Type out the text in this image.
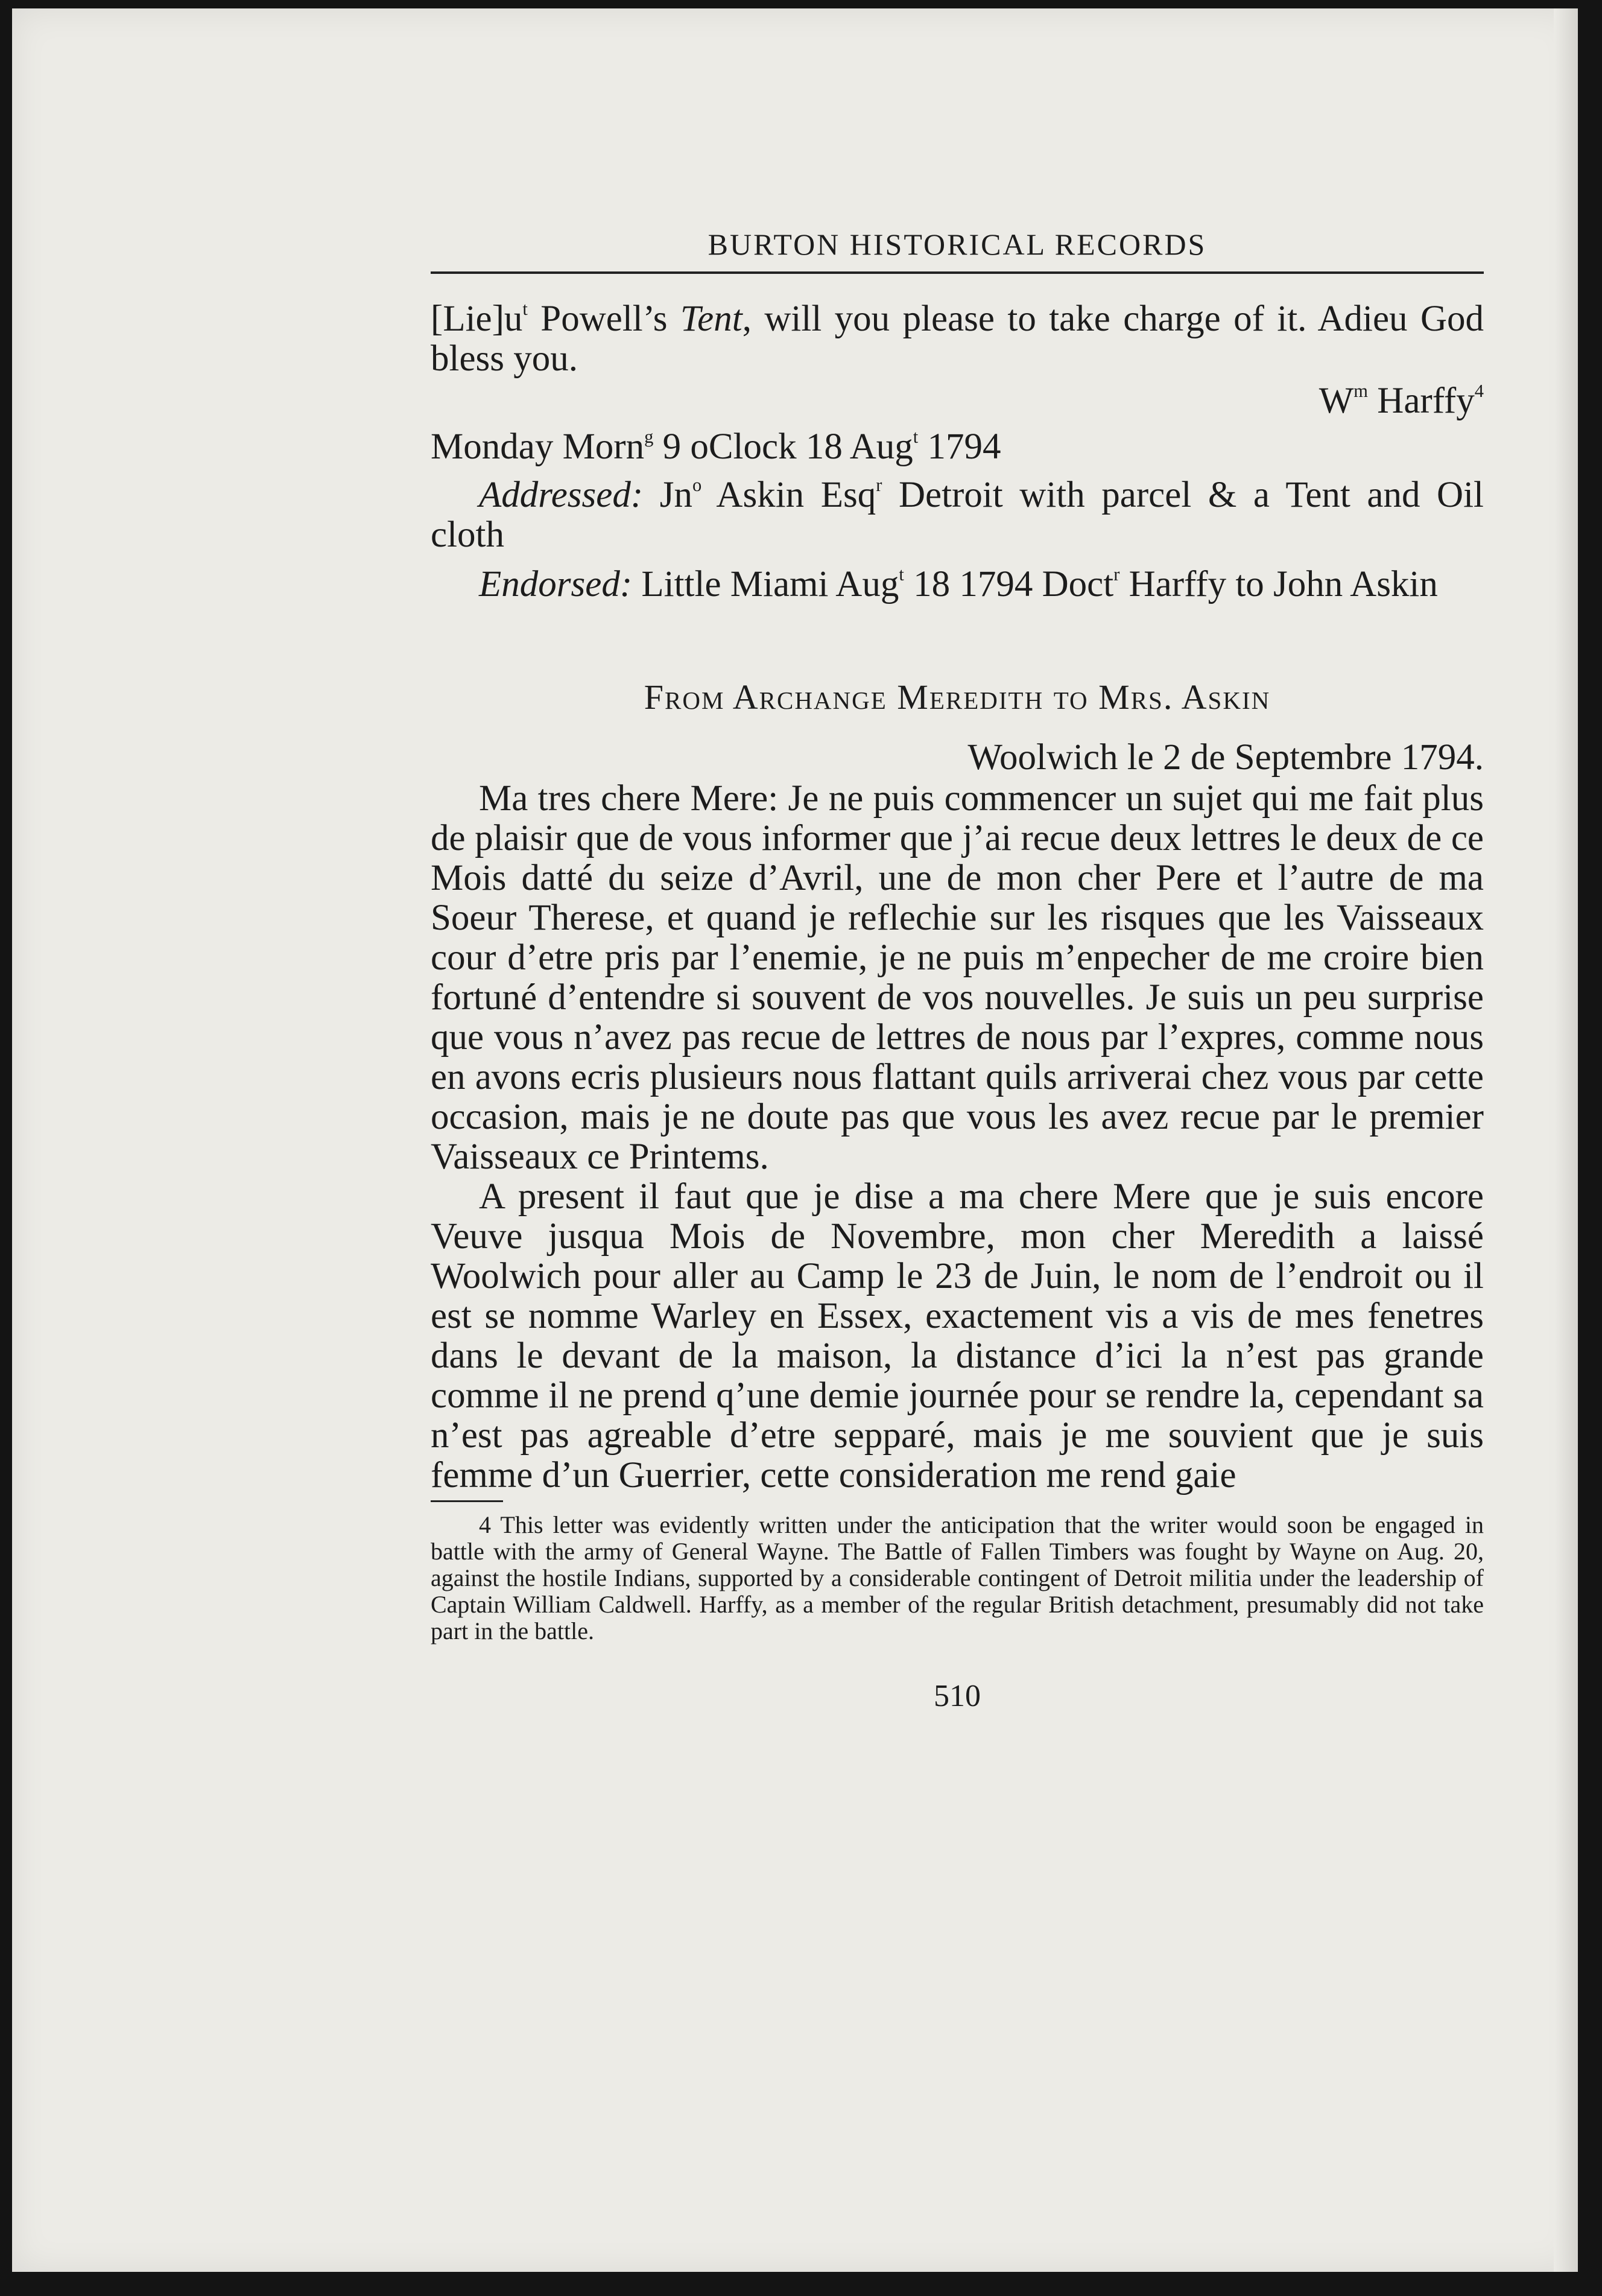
BURTON HISTORICAL RECORDS

$[Lie]u^t$ Powell’s Tent, will you please to take charge of it. Adieu God bless you.

$W^m$ Harffy$^4$

Monday Morn$^g$ 9 oClock 18 Aug$^t$ 1794

Addressed: Jn$^o$ Askin Esq$^r$ Detroit with parcel & a Tent and Oil cloth

Endorsed: Little Miami Aug$^t$ 18 1794 Doct$^r$ Harffy to John Askin

From Archange Meredith to Mrs. Askin

Woolwich le 2 de Septembre 1794.

Ma tres chere Mere: Je ne puis commencer un sujet qui me fait plus de plaisir que de vous informer que j’ai recue deux lettres le deux de ce Mois datté du seize d’Avril, une de mon cher Pere et l’autre de ma Soeur Therese, et quand je reflechie sur les risques que les Vaisseaux cour d’etre pris par l’enemie, je ne puis m’enpecher de me croire bien fortuné d’entendre si souvent de vos nouvelles. Je suis un peu surprise que vous n’avez pas recue de lettres de nous par l’expres, comme nous en avons ecris plusieurs nous flattant quils arriverai chez vous par cette occasion, mais je ne doute pas que vous les avez recue par le premier Vaisseaux ce Printems.

A present il faut que je dise a ma chere Mere que je suis encore Veuve jusqua Mois de Novembre, mon cher Meredith a laissé Woolwich pour aller au Camp le 23 de Juin, le nom de l’endroit ou il est se nomme Warley en Essex, exactement vis a vis de mes fenetres dans le devant de la maison, la distance d’ici la n’est pas grande comme il ne prend q’une demie journée pour se rendre la, cependant sa n’est pas agreable d’etre sepparé, mais je me souvient que je suis femme d’un Guerrier, cette consideration me rend gaie

4 This letter was evidently written under the anticipation that the writer would soon be engaged in battle with the army of General Wayne. The Battle of Fallen Timbers was fought by Wayne on Aug. 20, against the hostile Indians, supported by a considerable contingent of Detroit militia under the leadership of Captain William Caldwell. Harffy, as a member of the regular British detachment, presumably did not take part in the battle.

510
